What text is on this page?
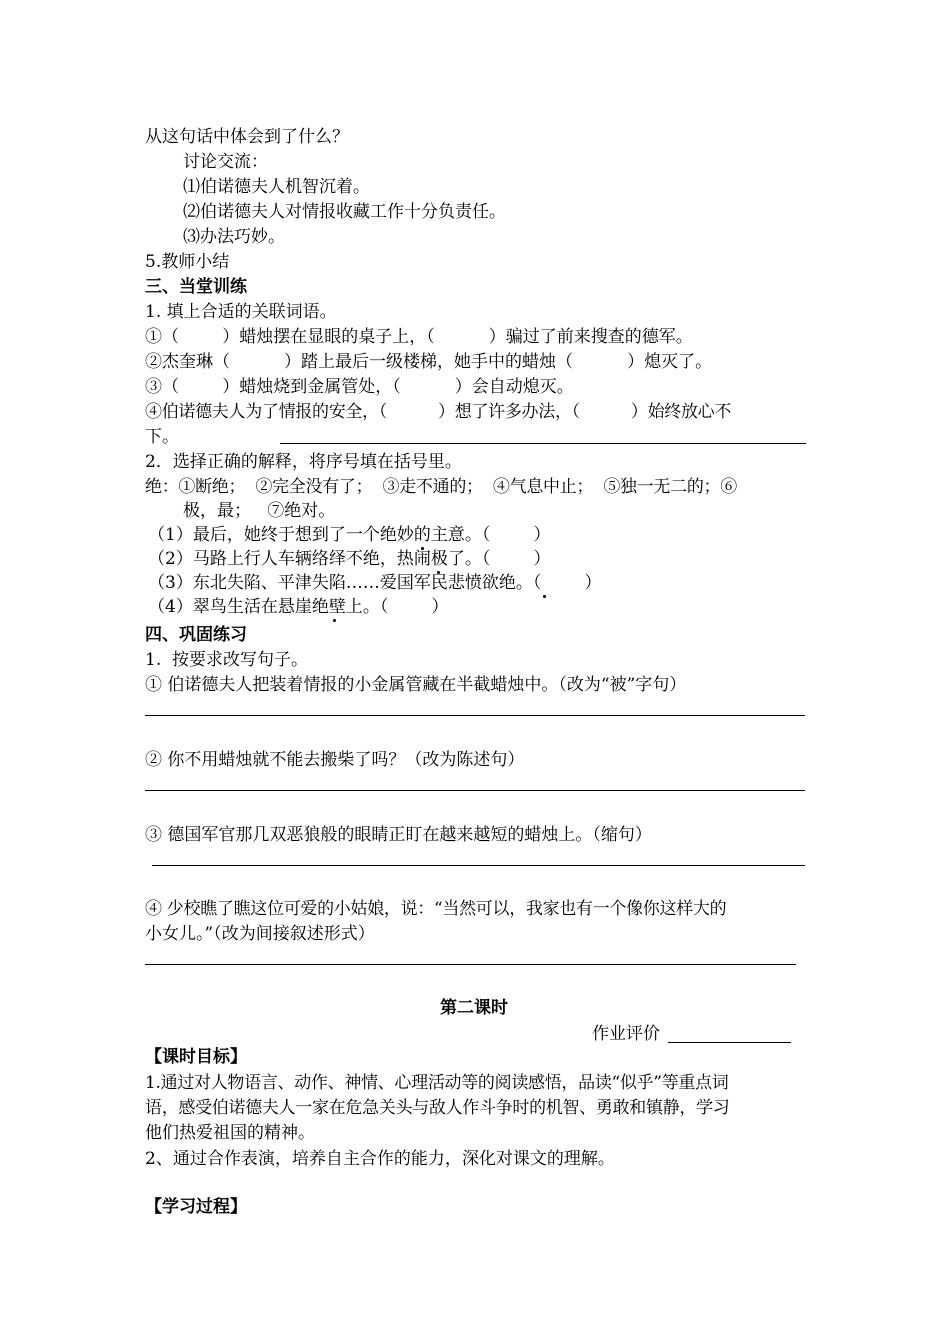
从这句话中体会到了什么？
讨论交流：
⑴伯诺德夫人机智沉着。
⑵伯诺德夫人对情报收藏工作十分负责任。
⑶办法巧妙。
5.教师小结
三、当堂训练
1. 填上合适的关联词语。
①（        ）蜡烛摆在显眼的桌子上，（          ）骗过了前来搜查的德军。
②杰奎琳（          ）踏上最后一级楼梯，她手中的蜡烛（          ）熄灭了。
③（        ）蜡烛烧到金属管处，（          ）会自动熄灭。
④伯诺德夫人为了情报的安全，（          ）想了许多办法，（          ）始终放心不
下。
2．选择正确的解释，将序号填在括号里。
绝：①断绝；  ②完全没有了；  ③走不通的；  ④气息中止；  ⑤独一无二的；⑥
极，最；   ⑦绝对。
（1）最后，她终于想到了一个绝妙的主意。（        ）
（2）马路上行人车辆络绎不绝，热闹极了。（        ）
（3）东北失陷、平津失陷……爱国军民悲愤欲绝。（        ）
（4）翠鸟生活在悬崖绝壁上。（        ）
四、巩固练习
1.  按要求改写句子。
① 伯诺德夫人把装着情报的小金属管藏在半截蜡烛中。（改为“被”字句）
② 你不用蜡烛就不能去搬柴了吗？（改为陈述句）
③ 德国军官那几双恶狼般的眼睛正盯在越来越短的蜡烛上。（缩句）
④ 少校瞧了瞧这位可爱的小姑娘，说：“当然可以，我家也有一个像你这样大的
小女儿。”（改为间接叙述形式）
第二课时
作业评价
【课时目标】
1.通过对人物语言、动作、神情、心理活动等的阅读感悟，品读“似乎”等重点词
语，感受伯诺德夫人一家在危急关头与敌人作斗争时的机智、勇敢和镇静，学习
他们热爱祖国的精神。
2、通过合作表演，培养自主合作的能力，深化对课文的理解。
【学习过程】
